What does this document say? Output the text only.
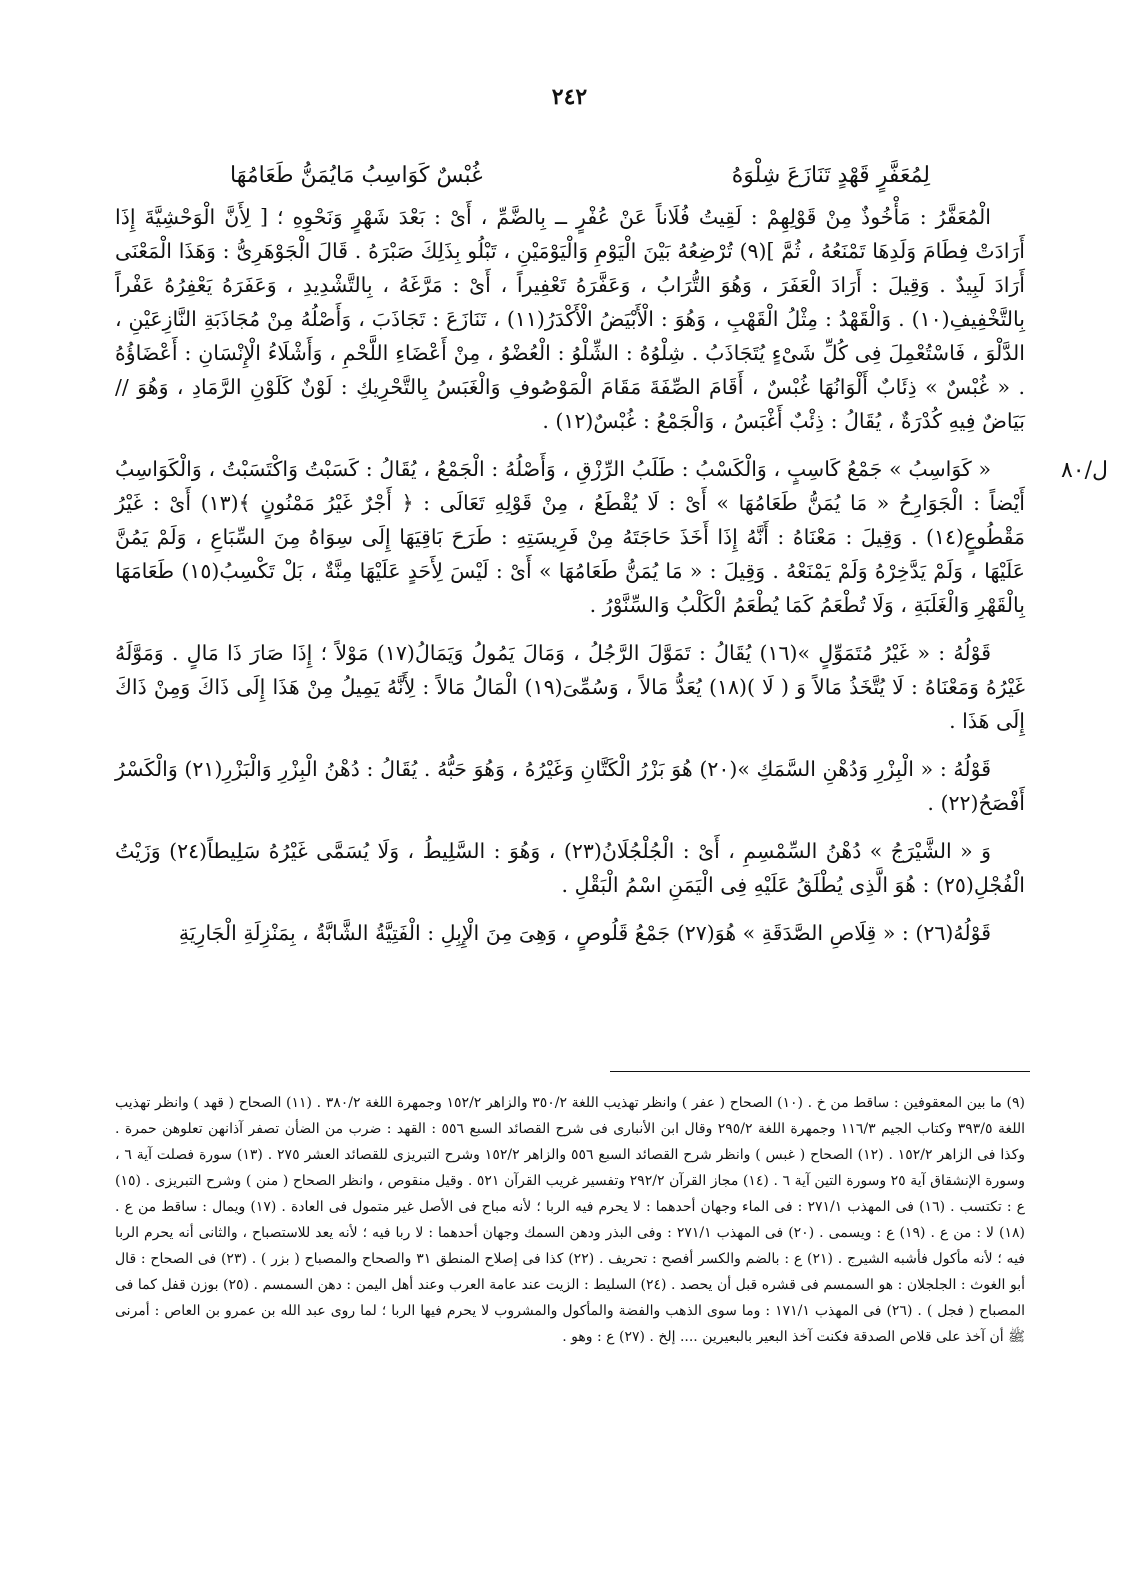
٢٤٢
لِمُعَفَّرٍ قَهْدٍ تَنَازَعَ شِلْوَهُ
غُبْسٌ كَوَاسِبُ مَايُمَنُّ طَعَامُهَا
ل/٨٠

الْمُعَفَّرُ : مَأْخُوذٌ مِنْ قَوْلِهِمْ : لَقِيتُ فُلَاناً عَنْ عُفْرٍ ــ بِالضَّمِّ ، أَىْ : بَعْدَ شَهْرٍ وَنَحْوِهِ ؛ [ لِأَنَّ الْوَحْشِيَّةَ إِذَا أَرَادَتْ فِطَامَ وَلَدِهَا تَمْنَعُهُ ، ثُمَّ ](٩) تُرْضِعُهُ بَيْنَ الْيَوْمِ وَالْيَوْمَيْنِ ، تَبْلُو بِذَلِكَ صَبْرَهُ . قَالَ الْجَوْهَرِىُّ : وَهَذَا الْمَعْنَى أَرَادَ لَبِيدٌ . وَقِيلَ : أَرَادَ الْعَفَرَ ، وَهُوَ التُّرَابُ ، وَعَفَّرَهُ تَعْفِيراً ، أَىْ : مَرَّغَهُ ، بِالتَّشْدِيدِ ، وَعَفَرَهُ يَعْفِرُهُ عَفْراً بِالتَّخْفِيفِ(١٠) . وَالْقَهْدُ : مِثْلُ الْقَهْبِ ، وَهُوَ : الْأَبْيَضُ الْأَكْدَرُ(١١) ، تَنَازَعَ : تَجَاذَبَ ، وَأَصْلُهُ مِنْ مُجَاذَبَةِ النَّازِعَيْنِ ، الدَّلْوَ ، فَاسْتُعْمِلَ فِى كُلِّ شَىْءٍ يُتَجَاذَبُ . شِلْوُهُ : الشِّلْوُ : الْعُضْوُ ، مِنْ أَعْضَاءِ اللَّحْمِ ، وَأَشْلَاءُ الْإِنْسَانِ : أَعْضَاؤُهُ . « غُبْسٌ » ذِئَابٌ أَلْوَانُهَا غُبْسٌ ، أَقَامَ الصِّفَةَ مَقَامَ الْمَوْصُوفِ وَالْغَبَسُ بِالتَّحْرِيكِ : لَوْنٌ كَلَوْنِ الرَّمَادِ ، وَهُوَ // بَيَاضٌ فِيهِ كُدْرَةٌ ، يُقَالُ : ذِئْبٌ أَغْبَسُ ، وَالْجَمْعُ : غُبْسٌ(١٢) .

« كَوَاسِبُ » جَمْعُ كَاسِبٍ ، وَالْكَسْبُ : طَلَبُ الرِّزْقِ ، وَأَصْلُهُ : الْجَمْعُ ، يُقَالُ : كَسَبْتُ وَاكْتَسَبْتُ ، وَالْكَوَاسِبُ أَيْضاً : الْجَوَارِحُ « مَا يُمَنُّ طَعَامُهَا » أَىْ : لَا يُقْطَعُ ، مِنْ قَوْلِهِ تَعَالَى : ﴿ أَجْرٌ غَيْرُ مَمْنُونٍ ﴾(١٣) أَىْ : غَيْرُ مَقْطُوعٍ(١٤) . وَقِيلَ : مَعْنَاهُ : أَنَّهُ إِذَا أَخَذَ حَاجَتَهُ مِنْ فَرِيسَتِهِ : طَرَحَ بَاقِيَهَا إِلَى سِوَاهُ مِنَ السِّبَاعِ ، وَلَمْ يَمُنَّ عَلَيْهَا ، وَلَمْ يَدَّخِرْهُ وَلَمْ يَمْنَعْهُ . وَقِيلَ : « مَا يُمَنُّ طَعَامُهَا » أَىْ : لَيْسَ لِأَحَدٍ عَلَيْهَا مِنَّةٌ ، بَلْ تَكْسِبُ(١٥) طَعَامَهَا بِالْقَهْرِ وَالْغَلَبَةِ ، وَلَا تُطْعَمُ كَمَا يُطْعَمُ الْكَلْبُ وَالسِّنَّوْرُ .

قَوْلُهُ : « غَيْرُ مُتَمَوِّلٍ »(١٦) يُقَالُ : تَمَوَّلَ الرَّجُلُ ، وَمَالَ يَمُولُ وَيَمَالُ(١٧) مَوْلاً ؛ إِذَا صَارَ ذَا مَالٍ . وَمَوَّلَهُ غَيْرُهُ وَمَعْنَاهُ : لَا يُتَّخَذُ مَالاً وَ ( لَا )(١٨) يُعَدُّ مَالاً ، وَسُمِّىَ(١٩) الْمَالُ مَالاً : لِأَنَّهُ يَمِيلُ مِنْ هَذَا إِلَى ذَاكَ وَمِنْ ذَاكَ إِلَى هَذَا .

قَوْلُهُ : « الْبِزْرِ وَدُهْنِ السَّمَكِ »(٢٠) هُوَ بَزْرُ الْكَتَّانِ وَغَيْرُهُ ، وَهُوَ حَبُّهُ . يُقَالُ : دُهْنُ الْبِزْرِ وَالْبَزْرِ(٢١) وَالْكَسْرُ أَفْصَحُ(٢٢) .

وَ « الشَّيْرَجُ » دُهْنُ السِّمْسِمِ ، أَىْ : الْجُلْجُلَانُ(٢٣) ، وَهُوَ : السَّلِيطُ ، وَلَا يُسَمَّى غَيْرُهُ سَلِيطاً(٢٤) وَزَيْتُ الْفُجْلِ(٢٥) : هُوَ الَّذِى يُطْلَقُ عَلَيْهِ فِى الْيَمَنِ اسْمُ الْبَقْلِ .

قَوْلُهُ(٢٦) : « قِلَاصِ الصَّدَقَةِ » هُوَ(٢٧) جَمْعُ قَلُوصٍ ، وَهِىَ مِنَ الْإِبِلِ : الْفَتِيَّةُ الشَّابَّةُ ، بِمَنْزِلَةِ الْجَارِيَةِ

(٩) ما بين المعقوفين : ساقط من خ . (١٠) الصحاح ( عفر ) وانظر تهذيب اللغة ٣٥٠/٢ والزاهر ١٥٢/٢ وجمهرة اللغة ٣٨٠/٢ . (١١) الصحاح ( قهد ) وانظر تهذيب اللغة ٣٩٣/٥ وكتاب الجيم ١١٦/٣ وجمهرة اللغة ٢٩٥/٢ وقال ابن الأنبارى فى شرح القصائد السبع ٥٥٦ : القهد : ضرب من الضأن تصفر آذانهن تعلوهن حمرة . وكذا فى الزاهر ١٥٢/٢ . (١٢) الصحاح ( غبس ) وانظر شرح القصائد السبع ٥٥٦ والزاهر ١٥٢/٢ وشرح التبريزى للقصائد العشر ٢٧٥ . (١٣) سورة فصلت آية ٦ ، وسورة الإنشقاق آية ٢٥ وسورة التين آية ٦ . (١٤) مجاز القرآن ٢٩٢/٢ وتفسير غريب القرآن ٥٢١ . وقيل منقوص ، وانظر الصحاح ( منن ) وشرح التبريزى . (١٥) ع : تكتسب . (١٦) فى المهذب ٢٧١/١ : فى الماء وجهان أحدهما : لا يحرم فيه الربا ؛ لأنه مباح فى الأصل غير متمول فى العادة . (١٧) ويمال : ساقط من ع . (١٨) لا : من ع . (١٩) ع : ويسمى . (٢٠) فى المهذب ٢٧١/١ : وفى البذر ودهن السمك وجهان أحدهما : لا ربا فيه ؛ لأنه يعد للاستصباح ، والثانى أنه يحرم الربا فيه ؛ لأنه مأكول فأشبه الشيرج . (٢١) ع : بالضم والكسر أفصح : تحريف . (٢٢) كذا فى إصلاح المنطق ٣١ والصحاح والمصباح ( بزر ) . (٢٣) فى الصحاح : قال أبو الغوث : الجلجلان : هو السمسم فى قشره قبل أن يحصد . (٢٤) السليط : الزيت عند عامة العرب وعند أهل اليمن : دهن السمسم . (٢٥) بوزن قفل كما فى المصباح ( فجل ) . (٢٦) فى المهذب ١٧١/١ : وما سوى الذهب والفضة والمأكول والمشروب لا يحرم فيها الربا ؛ لما روى عبد الله بن عمرو بن العاص : أمرنى ﷺ أن آخذ على قلاص الصدقة فكنت آخذ البعير بالبعيرين .... إلخ . (٢٧) ع : وهو .
